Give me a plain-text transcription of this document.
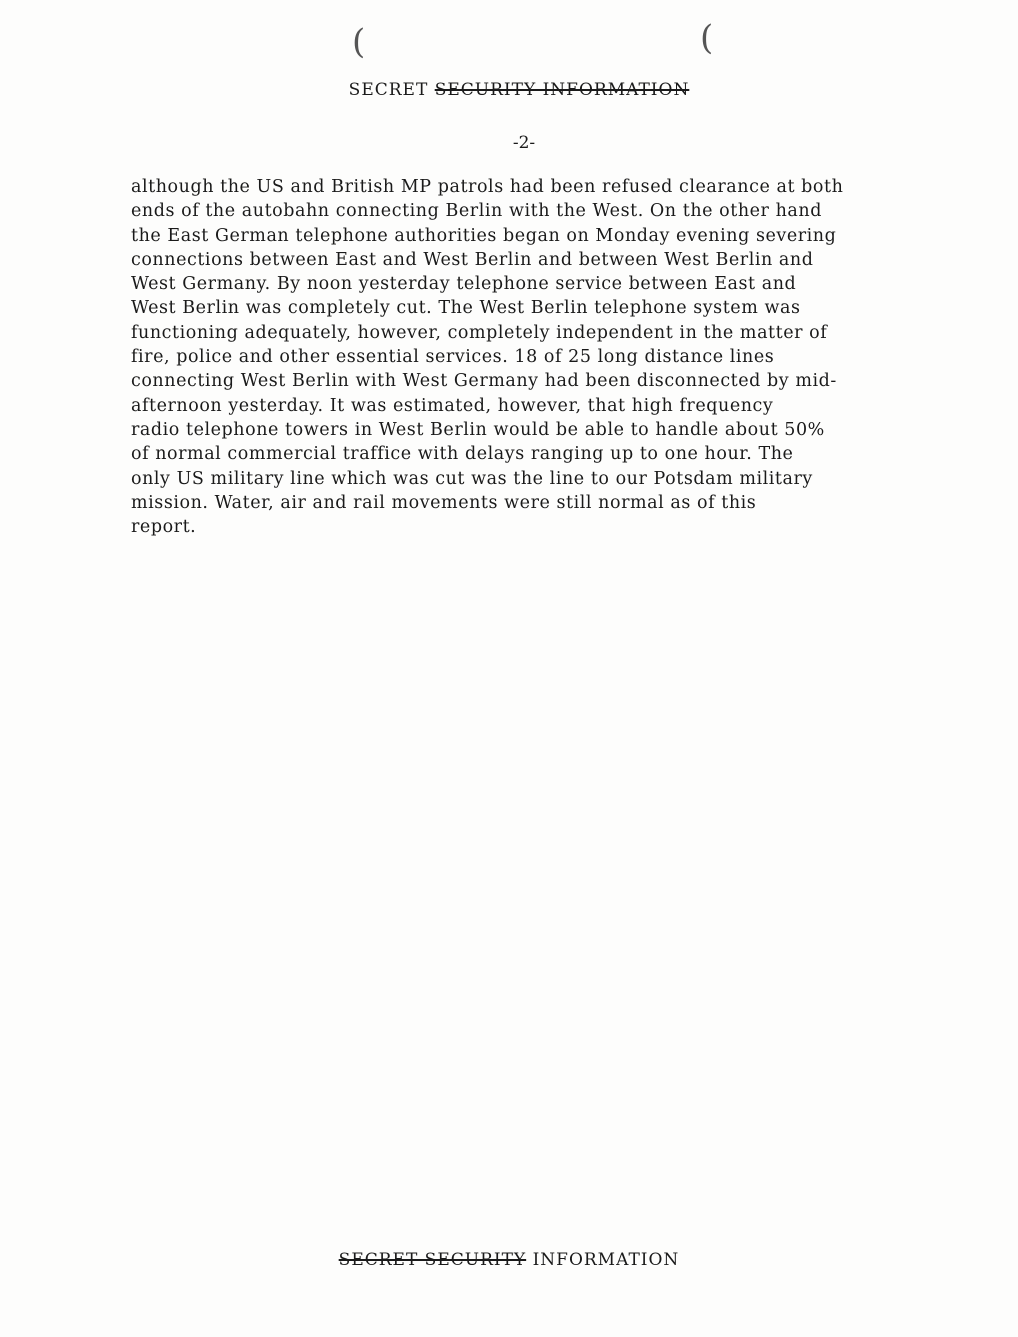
(	(
SECRET SECURITY INFORMATION
-2-
although the US and British MP patrols had been refused clearance at both
ends of the autobahn connecting Berlin with the West. On the other hand
the East German telephone authorities began on Monday evening severing
connections between East and West Berlin and between West Berlin and
West Germany. By noon yesterday telephone service between East and
West Berlin was completely cut. The West Berlin telephone system was
functioning adequately, however, completely independent in the matter of
fire, police and other essential services. 18 of 25 long distance lines
connecting West Berlin with West Germany had been disconnected by mid-
afternoon yesterday. It was estimated, however, that high frequency
radio telephone towers in West Berlin would be able to handle about 50%
of normal commercial traffice with delays ranging up to one hour. The
only US military line which was cut was the line to our Potsdam military
mission. Water, air and rail movements were still normal as of this
report.
SECRET SECURITY INFORMATION
